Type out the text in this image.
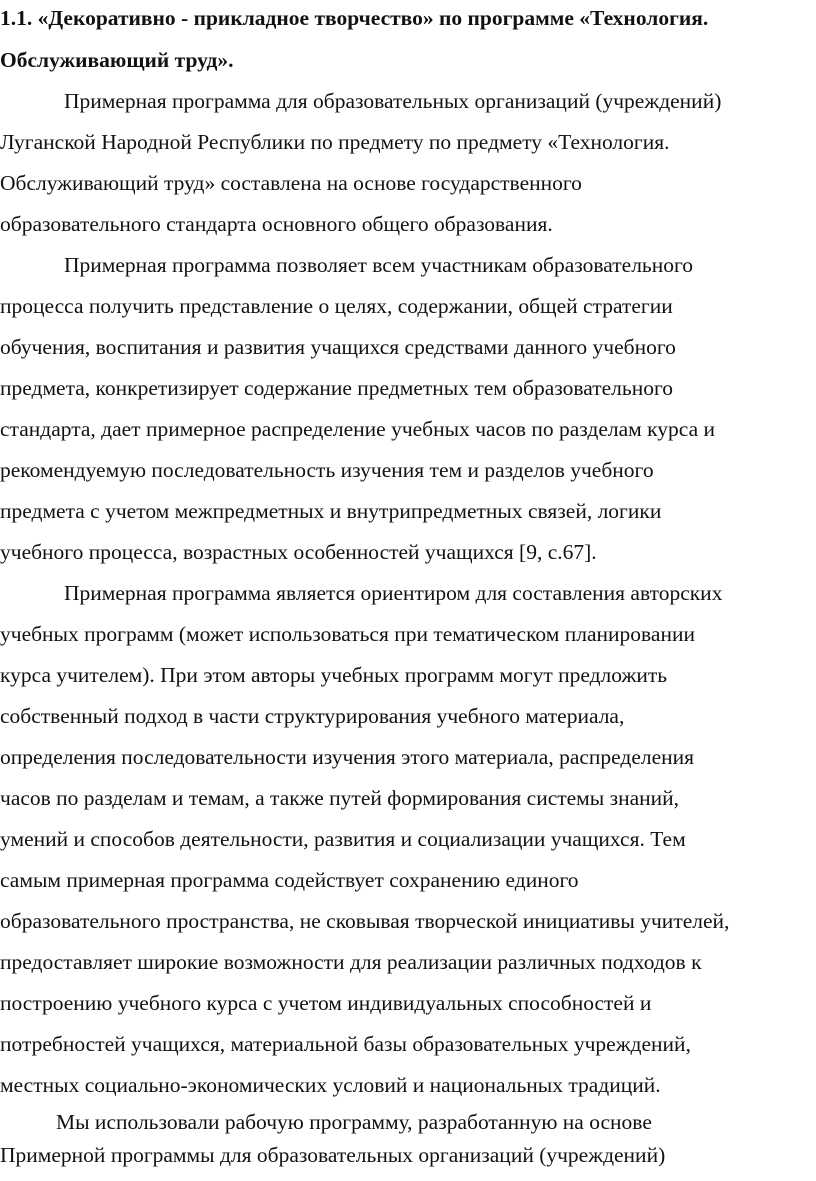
1.1. «Декоративно - прикладное творчество» по программе «Технология.
Обслуживающий труд».
Примерная программа для образовательных организаций (учреждений)
Луганской Народной Республики по предмету по предмету «Технология.
Обслуживающий труд» составлена на основе государственного
образовательного стандарта основного общего образования.
Примерная программа позволяет всем участникам образовательного
процесса получить представление о целях, содержании, общей стратегии
обучения, воспитания и развития учащихся средствами данного учебного
предмета, конкретизирует содержание предметных тем образовательного
стандарта, дает примерное распределение учебных часов по разделам курса и
рекомендуемую последовательность изучения тем и разделов учебного
предмета с учетом межпредметных и внутрипредметных связей, логики
учебного процесса, возрастных особенностей учащихся [9, с.67].
Примерная программа является ориентиром для составления авторских
учебных программ (может использоваться при тематическом планировании
курса учителем). При этом авторы учебных программ могут предложить
собственный подход в части структурирования учебного материала,
определения последовательности изучения этого материала, распределения
часов по разделам и темам, а также путей формирования системы знаний,
умений и способов деятельности, развития и социализации учащихся. Тем
самым примерная программа содействует сохранению единого
образовательного пространства, не сковывая творческой инициативы учителей,
предоставляет широкие возможности для реализации различных подходов к
построению учебного курса с учетом индивидуальных способностей и
потребностей учащихся, материальной базы образовательных учреждений,
местных социально-экономических условий и национальных традиций.
Мы использовали рабочую программу, разработанную на основе
Примерной программы для образовательных организаций (учреждений)
